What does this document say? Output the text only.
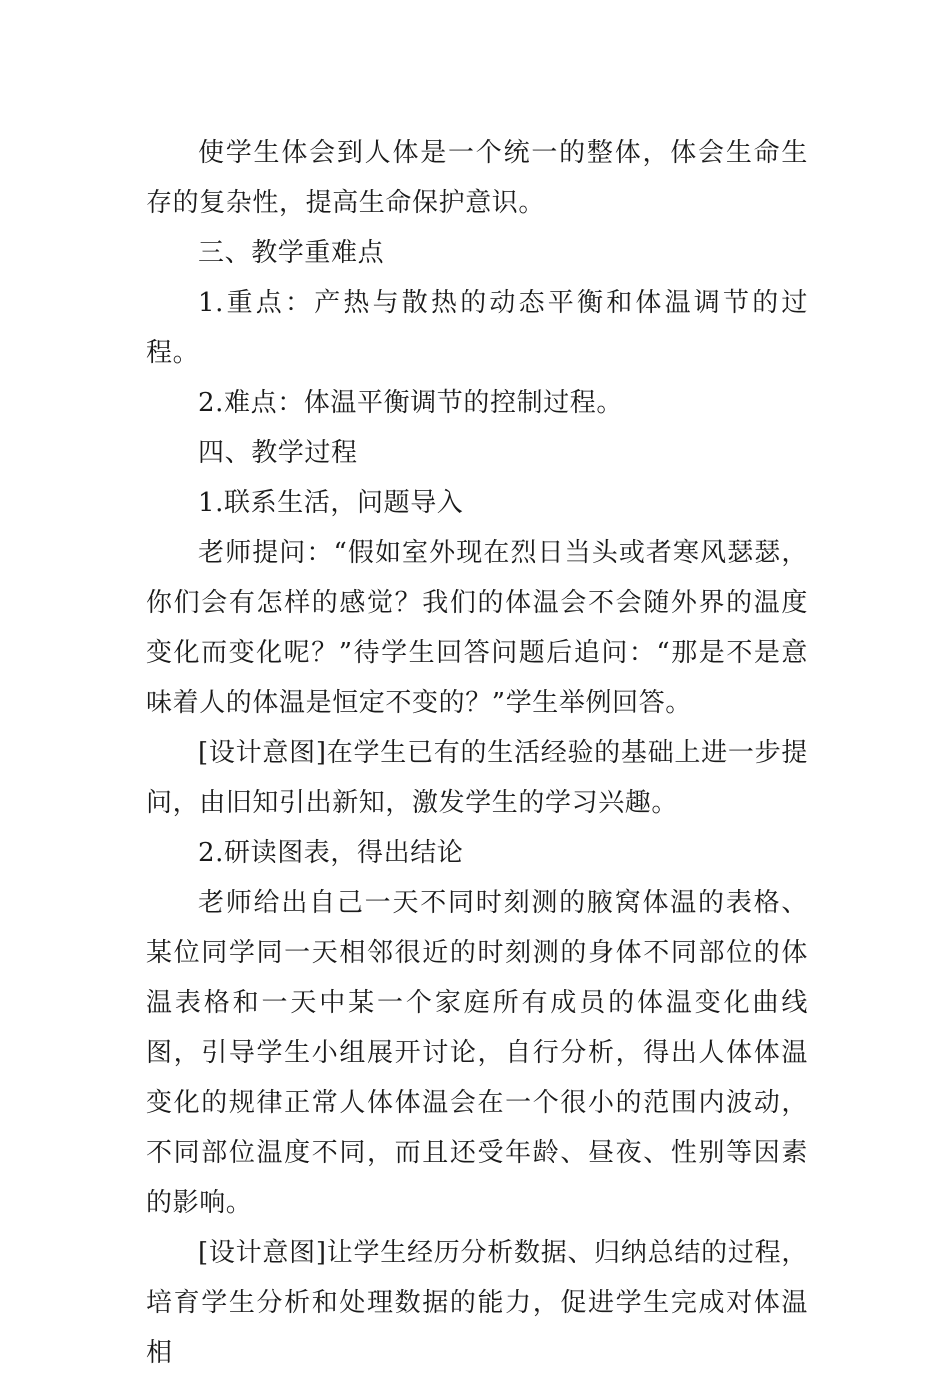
使学生体会到人体是一个统一的整体，体会生命生存的复杂性，提高生命保护意识。

三、教学重难点

1.重点：产热与散热的动态平衡和体温调节的过程。

2.难点：体温平衡调节的控制过程。

四、教学过程

1.联系生活，问题导入

老师提问：“假如室外现在烈日当头或者寒风瑟瑟，你们会有怎样的感觉？我们的体温会不会随外界的温度变化而变化呢？”待学生回答问题后追问：“那是不是意味着人的体温是恒定不变的？”学生举例回答。

[设计意图]在学生已有的生活经验的基础上进一步提问，由旧知引出新知，激发学生的学习兴趣。

2.研读图表，得出结论

老师给出自己一天不同时刻测的腋窝体温的表格、某位同学同一天相邻很近的时刻测的身体不同部位的体温表格和一天中某一个家庭所有成员的体温变化曲线图，引导学生小组展开讨论，自行分析，得出人体体温变化的规律正常人体体温会在一个很小的范围内波动，不同部位温度不同，而且还受年龄、昼夜、性别等因素的影响。

[设计意图]让学生经历分析数据、归纳总结的过程，培育学生分析和处理数据的能力，促进学生完成对体温相
